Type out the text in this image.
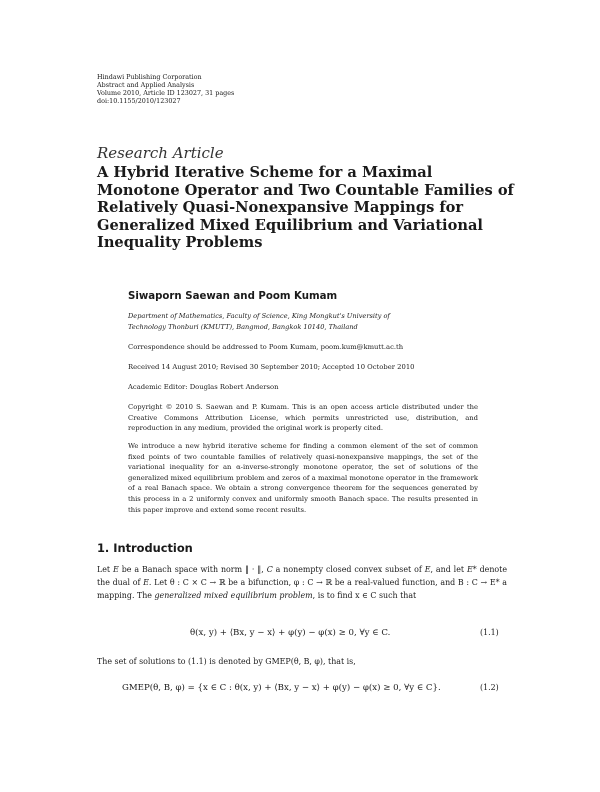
Hindawi Publishing Corporation
Abstract and Applied Analysis
Volume 2010, Article ID 123027, 31 pages
doi:10.1155/2010/123027
Research Article
A Hybrid Iterative Scheme for a Maximal
Monotone Operator and Two Countable Families of
Relatively Quasi-Nonexpansive Mappings for
Generalized Mixed Equilibrium and Variational
Inequality Problems
Siwaporn Saewan and Poom Kumam
Department of Mathematics, Faculty of Science, King Mongkut's University of
Technology Thonburi (KMUTT), Bangmod, Bangkok 10140, Thailand
Correspondence should be addressed to Poom Kumam, poom.kum@kmutt.ac.th
Received 14 August 2010; Revised 30 September 2010; Accepted 10 October 2010
Academic Editor: Douglas Robert Anderson
Copyright © 2010 S. Saewan and P. Kumam. This is an open access article distributed under the Creative Commons Attribution License, which permits unrestricted use, distribution, and reproduction in any medium, provided the original work is properly cited.
We introduce a new hybrid iterative scheme for finding a common element of the set of common fixed points of two countable families of relatively quasi-nonexpansive mappings, the set of the variational inequality for an α-inverse-strongly monotone operator, the set of solutions of the generalized mixed equilibrium problem and zeros of a maximal monotone operator in the framework of a real Banach space. We obtain a strong convergence theorem for the sequences generated by this process in a 2 uniformly convex and uniformly smooth Banach space. The results presented in this paper improve and extend some recent results.
1. Introduction
Let E be a Banach space with norm ‖ · ‖, C a nonempty closed convex subset of E, and let E* denote the dual of E. Let θ : C × C → ℝ be a bifunction, φ : C → ℝ be a real-valued function, and B : C → E* a mapping. The generalized mixed equilibrium problem, is to find x ∈ C such that
θ(x, y) + ⟨Bx, y − x⟩ + φ(y) − φ(x) ≥ 0, ∀y ∈ C.	(1.1)
The set of solutions to (1.1) is denoted by GMEP(θ, B, φ), that is,
GMEP(θ, B, φ) = {x ∈ C : θ(x, y) + ⟨Bx, y − x⟩ + φ(y) − φ(x) ≥ 0, ∀y ∈ C}.	(1.2)
